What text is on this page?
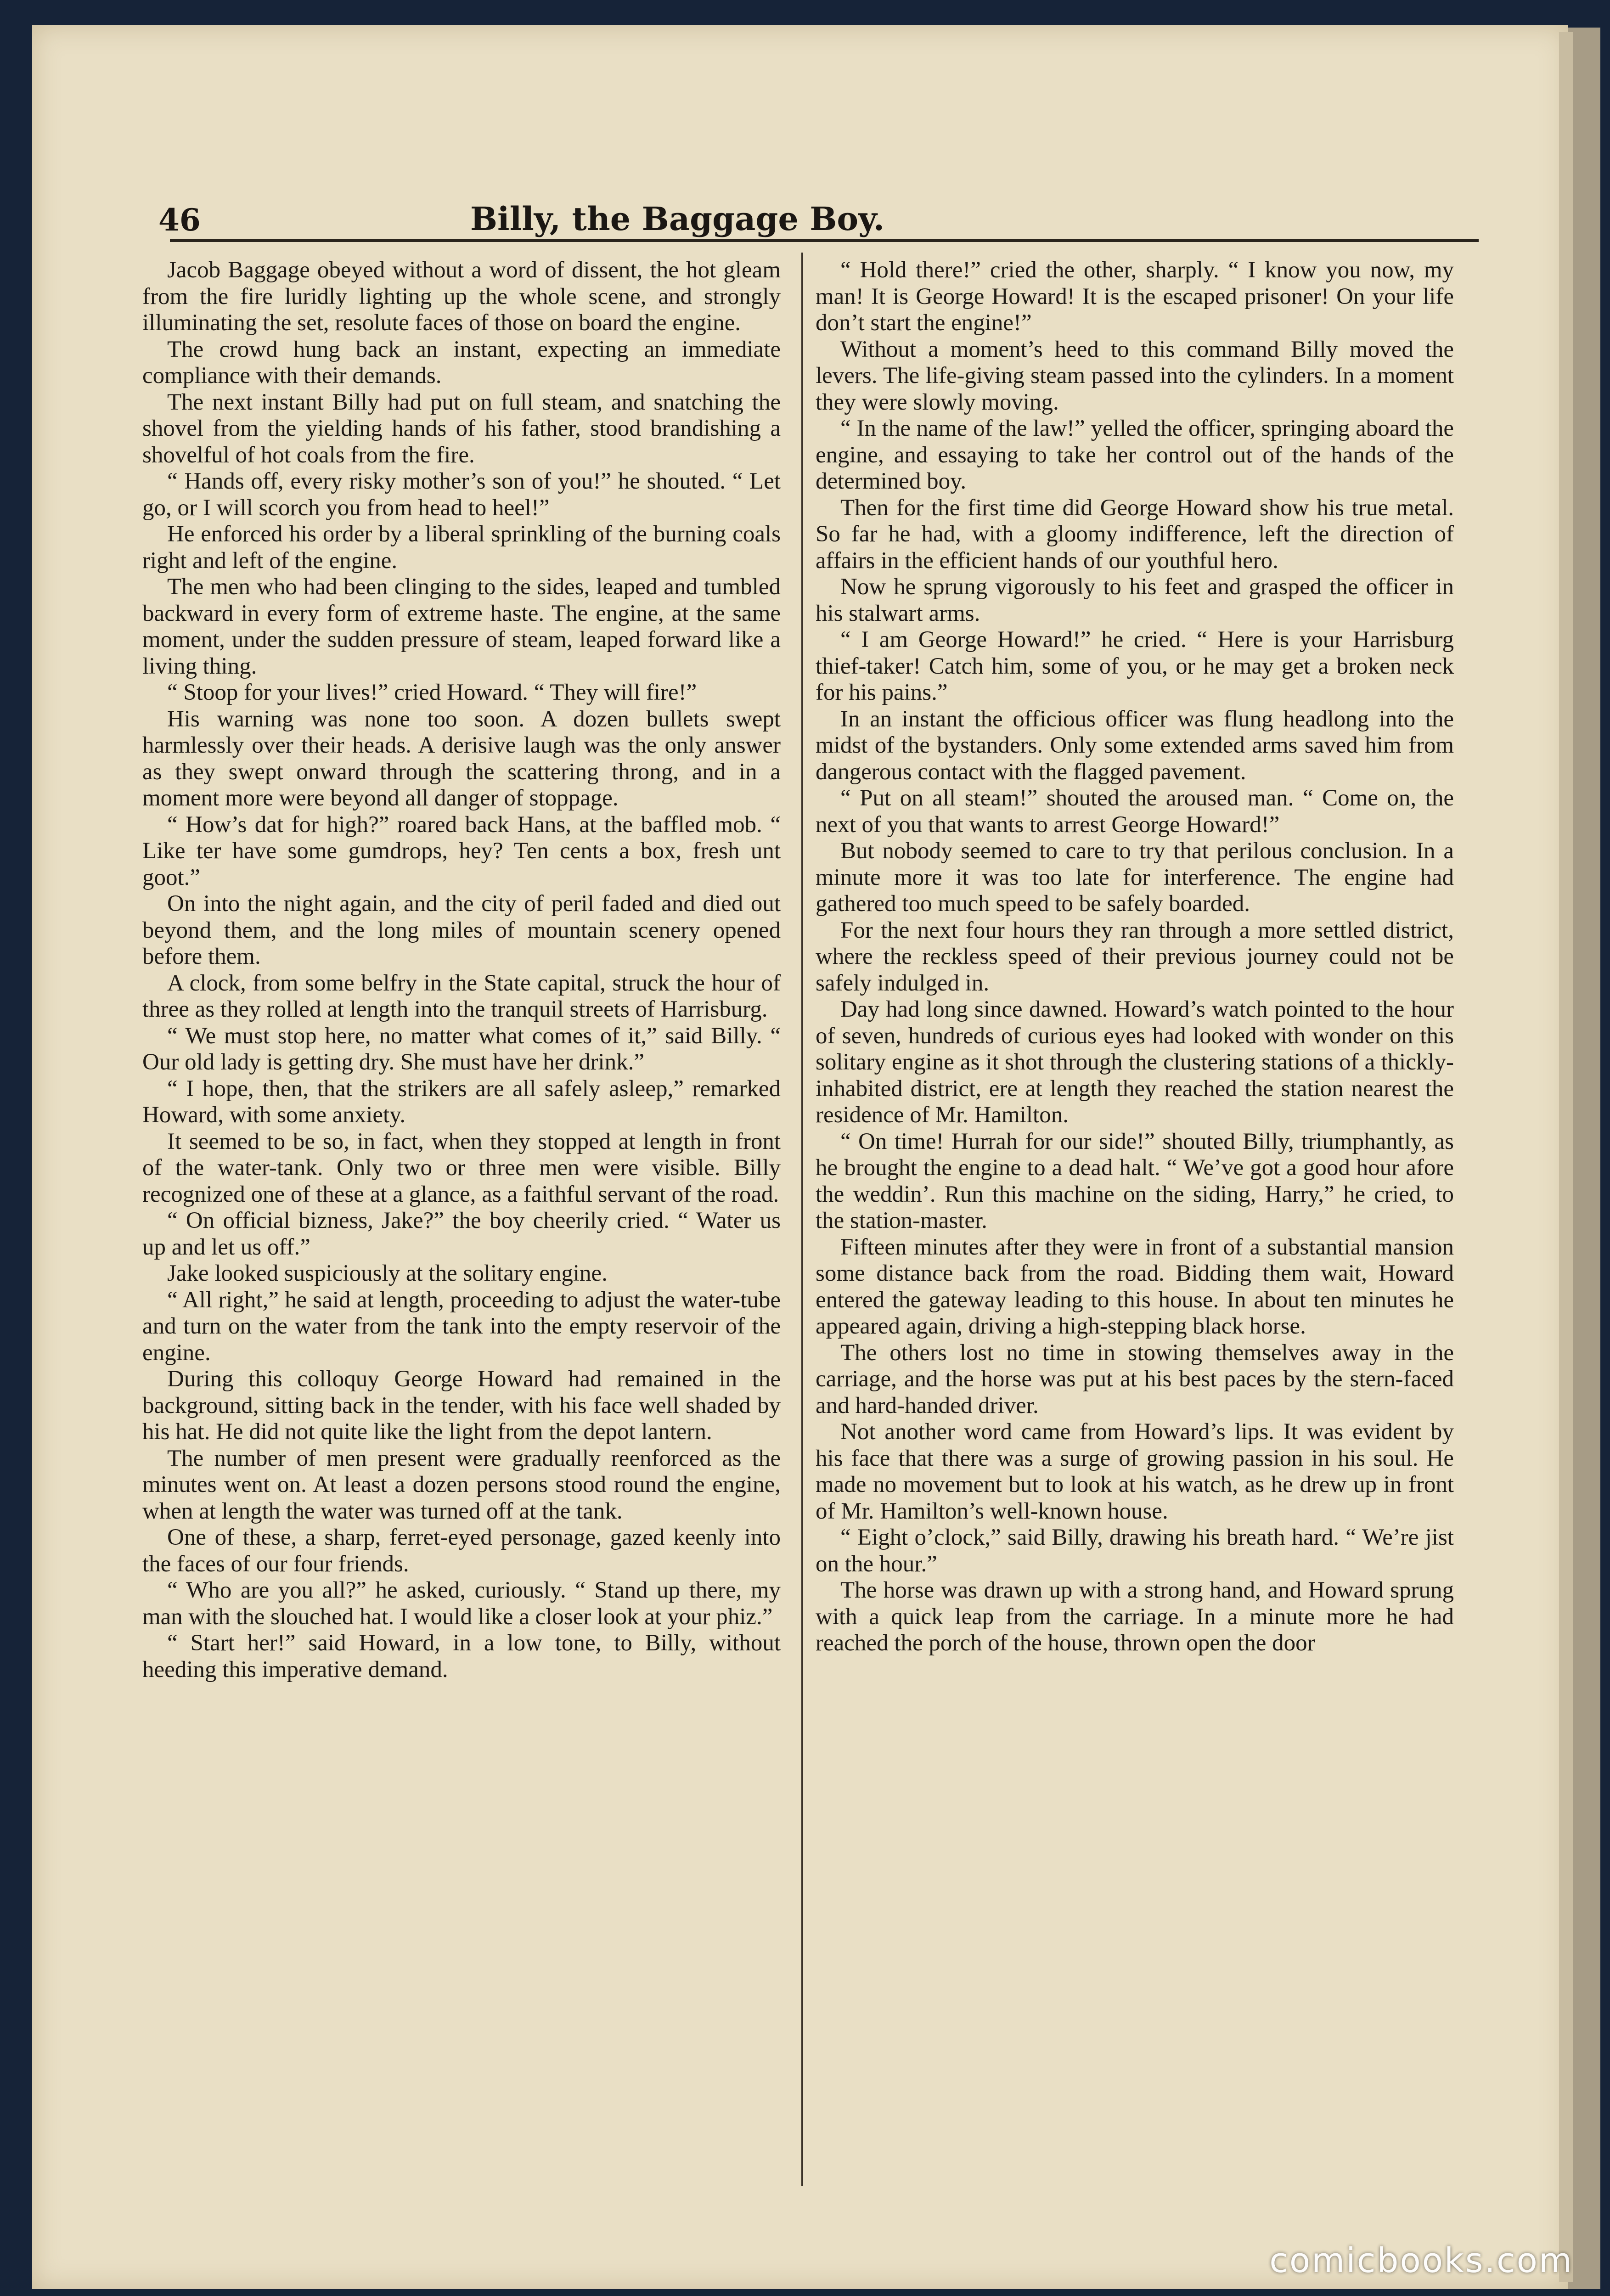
46	Billy, the Baggage Boy.

Jacob Baggage obeyed without a word of dissent, the hot gleam from the fire luridly lighting up the whole scene, and strongly illuminating the set, resolute faces of those on board the engine.

The crowd hung back an instant, expecting an immediate compliance with their demands.

The next instant Billy had put on full steam, and snatching the shovel from the yielding hands of his father, stood brandishing a shovelful of hot coals from the fire.

“ Hands off, every risky mother’s son of you!” he shouted. “ Let go, or I will scorch you from head to heel!”

He enforced his order by a liberal sprinkling of the burning coals right and left of the engine.

The men who had been clinging to the sides, leaped and tumbled backward in every form of extreme haste. The engine, at the same moment, under the sudden pressure of steam, leaped forward like a living thing.

“ Stoop for your lives!” cried Howard. “ They will fire!”

His warning was none too soon. A dozen bullets swept harmlessly over their heads. A derisive laugh was the only answer as they swept onward through the scattering throng, and in a moment more were beyond all danger of stoppage.

“ How’s dat for high?” roared back Hans, at the baffled mob. “ Like ter have some gumdrops, hey? Ten cents a box, fresh unt goot.”

On into the night again, and the city of peril faded and died out beyond them, and the long miles of mountain scenery opened before them.

A clock, from some belfry in the State capital, struck the hour of three as they rolled at length into the tranquil streets of Harrisburg.

“ We must stop here, no matter what comes of it,” said Billy. “ Our old lady is getting dry. She must have her drink.”

“ I hope, then, that the strikers are all safely asleep,” remarked Howard, with some anxiety.

It seemed to be so, in fact, when they stopped at length in front of the water-tank. Only two or three men were visible. Billy recognized one of these at a glance, as a faithful servant of the road.

“ On official bizness, Jake?” the boy cheerily cried. “ Water us up and let us off.”

Jake looked suspiciously at the solitary engine.

“ All right,” he said at length, proceeding to adjust the water-tube and turn on the water from the tank into the empty reservoir of the engine.

During this colloquy George Howard had remained in the background, sitting back in the tender, with his face well shaded by his hat. He did not quite like the light from the depot lantern.

The number of men present were gradually reenforced as the minutes went on. At least a dozen persons stood round the engine, when at length the water was turned off at the tank.

One of these, a sharp, ferret-eyed personage, gazed keenly into the faces of our four friends.

“ Who are you all?” he asked, curiously. “ Stand up there, my man with the slouched hat. I would like a closer look at your phiz.”

“ Start her!” said Howard, in a low tone, to Billy, without heeding this imperative demand.

“ Hold there!” cried the other, sharply. “ I know you now, my man! It is George Howard! It is the escaped prisoner! On your life don’t start the engine!”

Without a moment’s heed to this command Billy moved the levers. The life-giving steam passed into the cylinders. In a moment they were slowly moving.

“ In the name of the law!” yelled the officer, springing aboard the engine, and essaying to take her control out of the hands of the determined boy.

Then for the first time did George Howard show his true metal. So far he had, with a gloomy indifference, left the direction of affairs in the efficient hands of our youthful hero.

Now he sprung vigorously to his feet and grasped the officer in his stalwart arms.

“ I am George Howard!” he cried. “ Here is your Harrisburg thief-taker! Catch him, some of you, or he may get a broken neck for his pains.”

In an instant the officious officer was flung headlong into the midst of the bystanders. Only some extended arms saved him from dangerous contact with the flagged pavement.

“ Put on all steam!” shouted the aroused man. “ Come on, the next of you that wants to arrest George Howard!”

But nobody seemed to care to try that perilous conclusion. In a minute more it was too late for interference. The engine had gathered too much speed to be safely boarded.

For the next four hours they ran through a more settled district, where the reckless speed of their previous journey could not be safely indulged in.

Day had long since dawned. Howard’s watch pointed to the hour of seven, hundreds of curious eyes had looked with wonder on this solitary engine as it shot through the clustering stations of a thickly-inhabited district, ere at length they reached the station nearest the residence of Mr. Hamilton.

“ On time! Hurrah for our side!” shouted Billy, triumphantly, as he brought the engine to a dead halt. “ We’ve got a good hour afore the weddin’. Run this machine on the siding, Harry,” he cried, to the station-master.

Fifteen minutes after they were in front of a substantial mansion some distance back from the road. Bidding them wait, Howard entered the gateway leading to this house. In about ten minutes he appeared again, driving a high-stepping black horse.

The others lost no time in stowing themselves away in the carriage, and the horse was put at his best paces by the stern-faced and hard-handed driver.

Not another word came from Howard’s lips. It was evident by his face that there was a surge of growing passion in his soul. He made no movement but to look at his watch, as he drew up in front of Mr. Hamilton’s well-known house.

“ Eight o’clock,” said Billy, drawing his breath hard. “ We’re jist on the hour.”

The horse was drawn up with a strong hand, and Howard sprung with a quick leap from the carriage. In a minute more he had reached the porch of the house, thrown open the door

comicbooks.com
